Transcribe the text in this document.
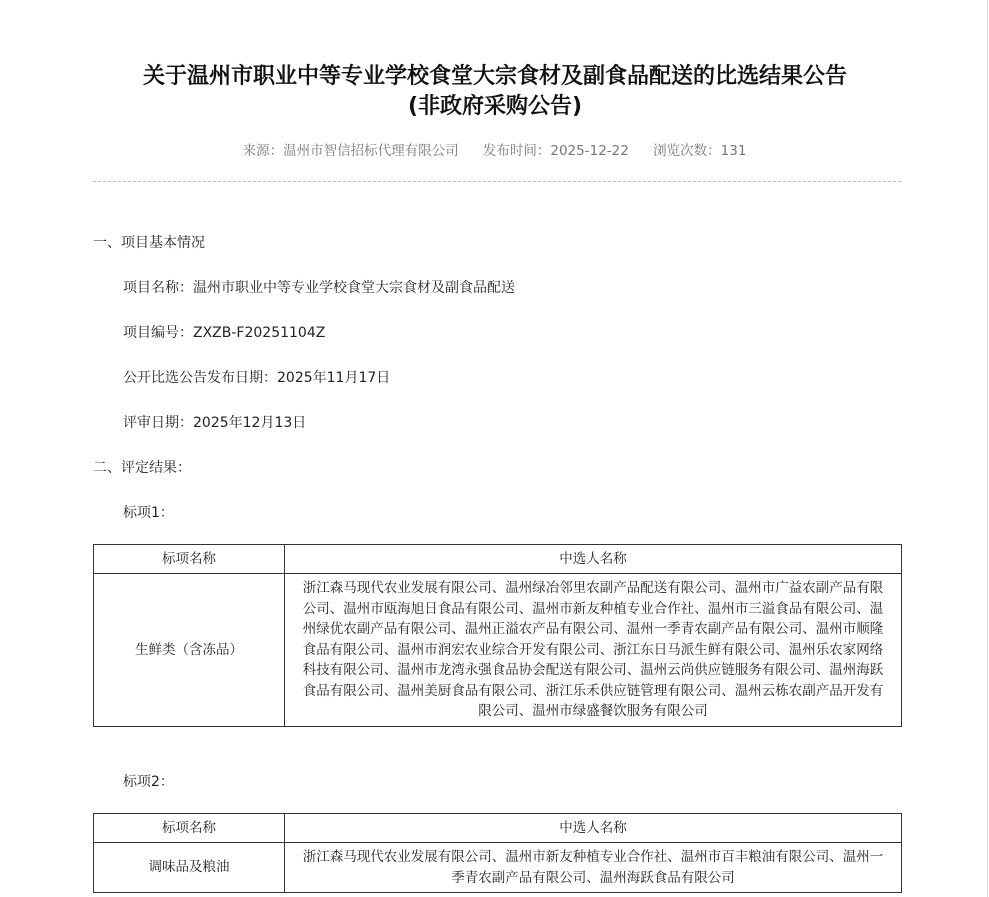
关于温州市职业中等专业学校食堂大宗食材及副食品配送的比选结果公告
(非政府采购公告)
来源：温州市智信招标代理有限公司 发布时间：2025-12-22 浏览次数：131
一、项目基本情况
项目名称：温州市职业中等专业学校食堂大宗食材及副食品配送
项目编号：ZXZB-F20251104Z
公开比选公告发布日期：2025年11月17日
评审日期：2025年12月13日
二、评定结果：
标项1：
标项名称	中选人名称
生鲜类（含冻品）	浙江森马现代农业发展有限公司、温州绿冶邻里农副产品配送有限公司、温州市广益农副产品有限公司、温州市瓯海旭日食品有限公司、温州市新友种植专业合作社、温州市三溢食品有限公司、温州绿优农副产品有限公司、温州正溢农产品有限公司、温州一季青农副产品有限公司、温州市顺隆食品有限公司、温州市润宏农业综合开发有限公司、浙江东日马派生鲜有限公司、温州乐农家网络科技有限公司、温州市龙湾永强食品协会配送有限公司、温州云尚供应链服务有限公司、温州海跃食品有限公司、温州美厨食品有限公司、浙江乐禾供应链管理有限公司、温州云栋农副产品开发有限公司、温州市绿盛餐饮服务有限公司
标项2：
标项名称	中选人名称
调味品及粮油	浙江森马现代农业发展有限公司、温州市新友种植专业合作社、温州市百丰粮油有限公司、温州一季青农副产品有限公司、温州海跃食品有限公司
